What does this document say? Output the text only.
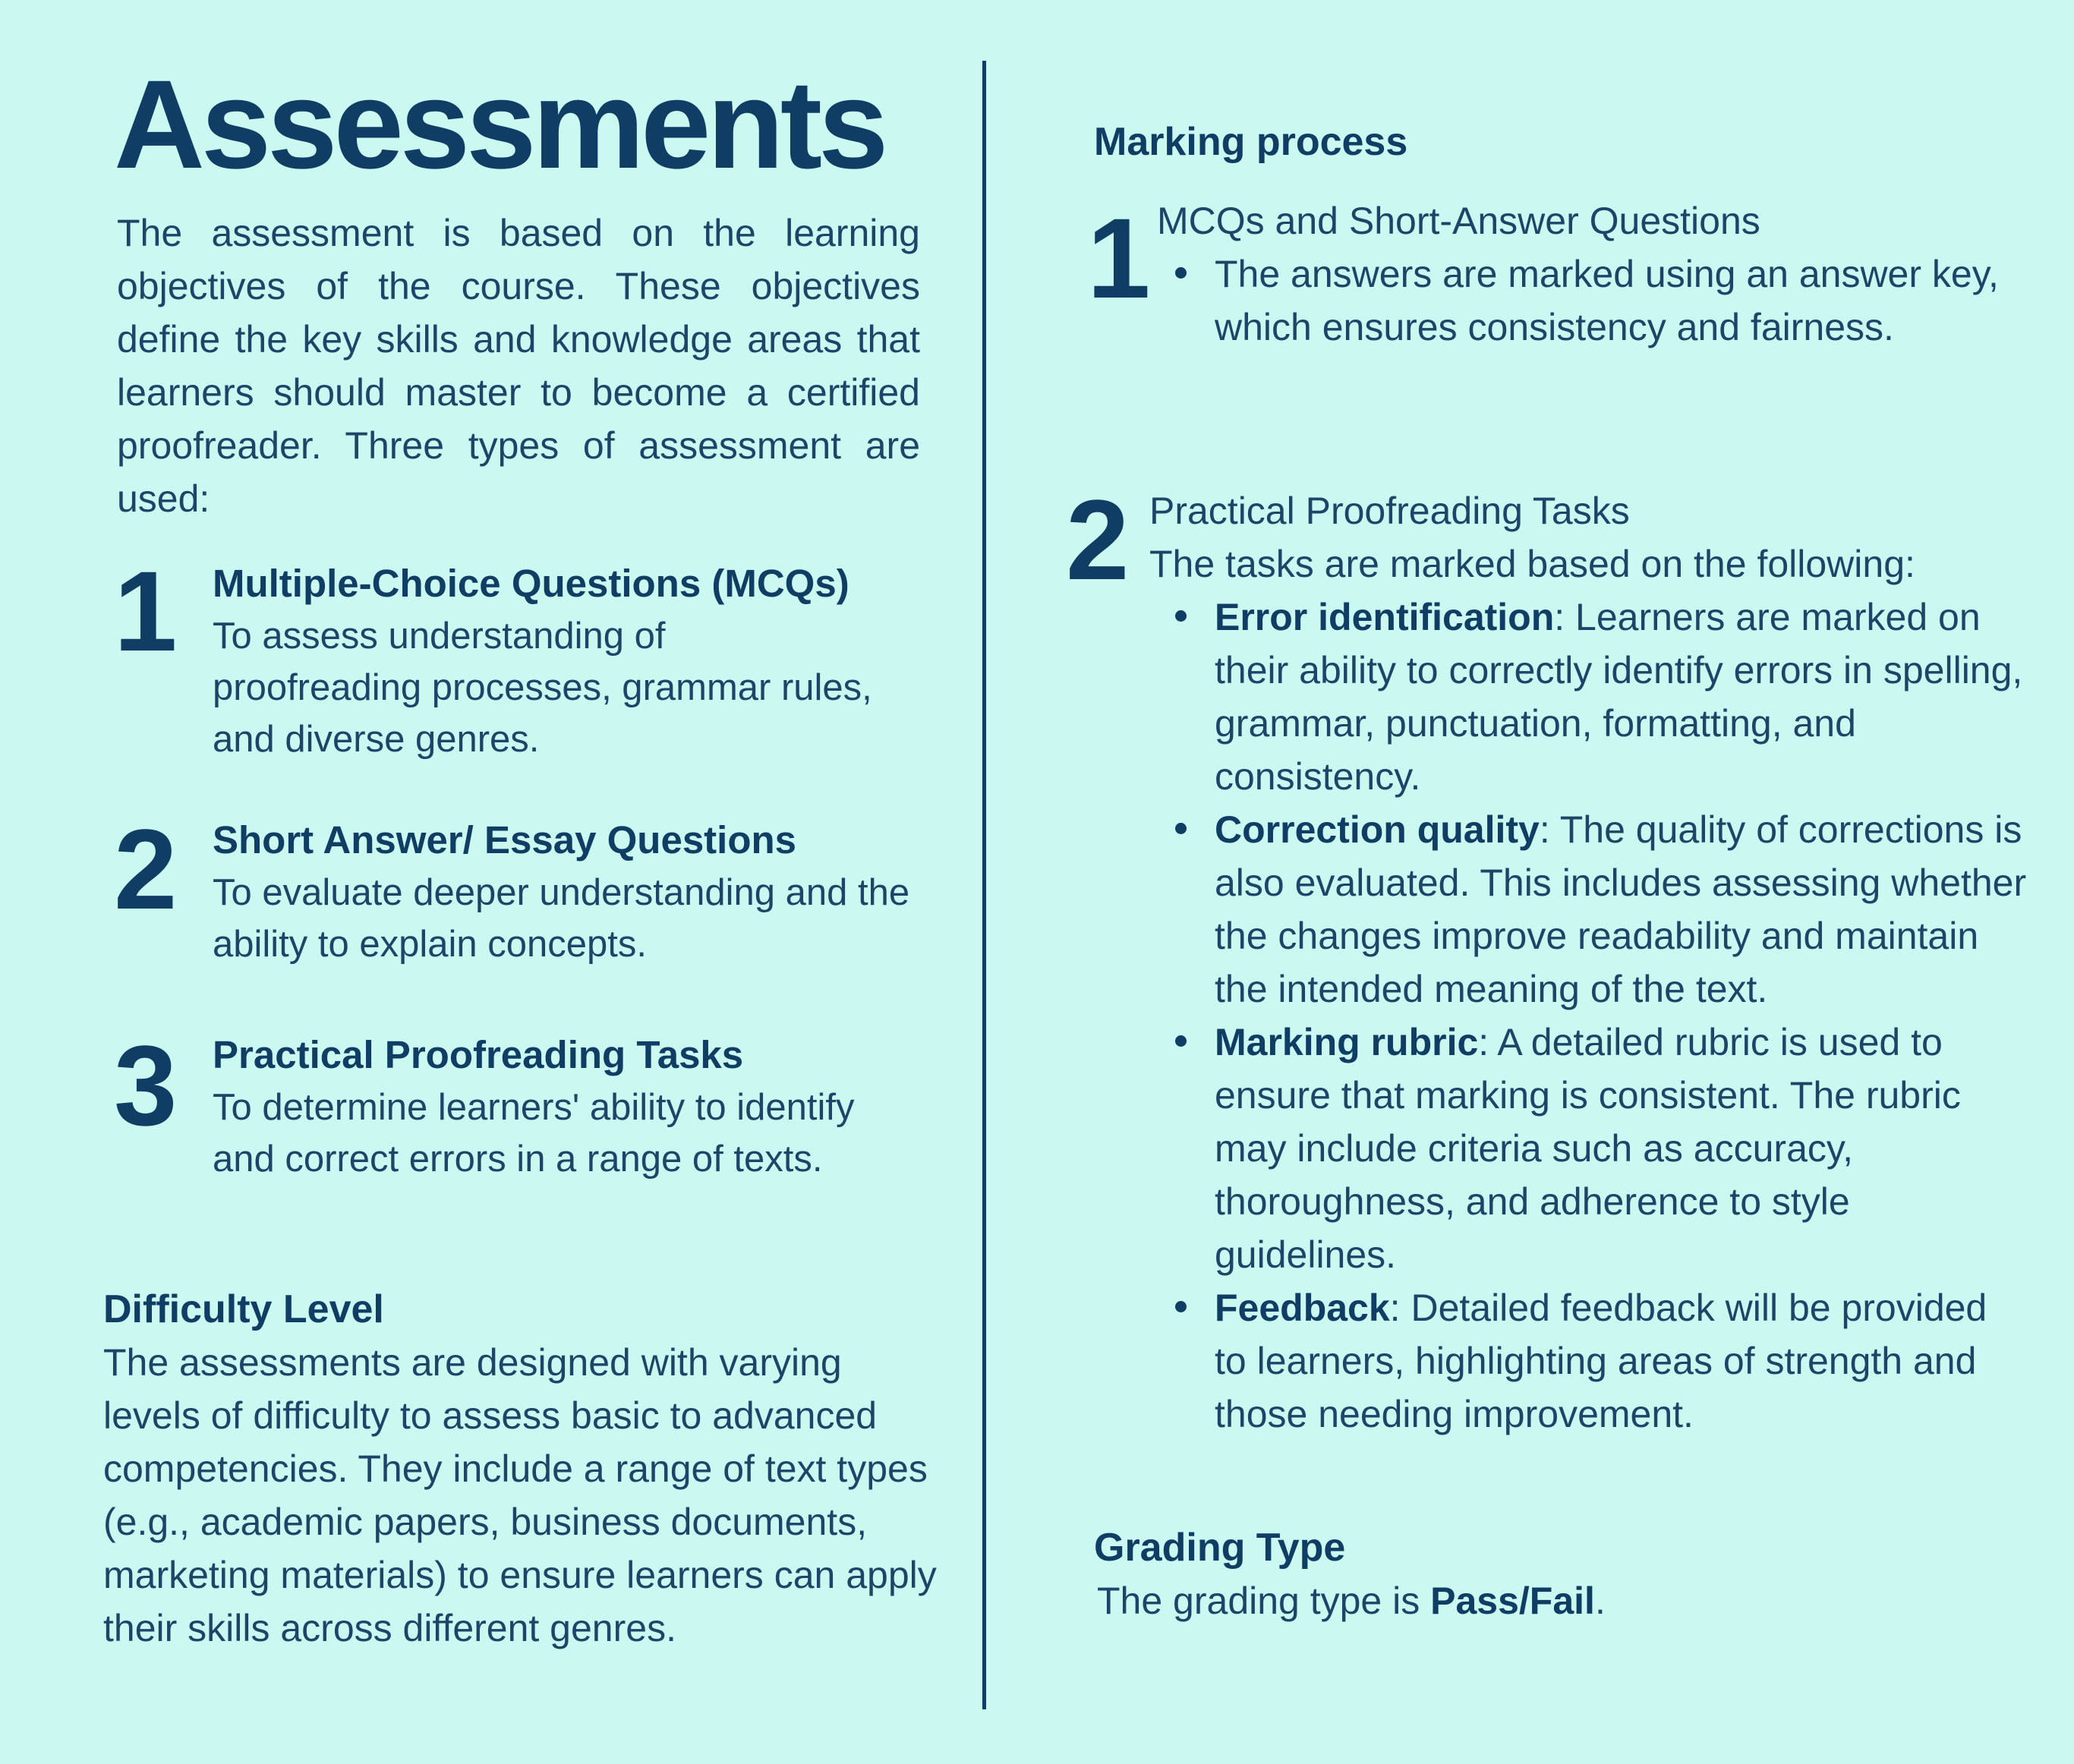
Assessments

The assessment is based on the learning objectives of the course. These objectives define the key skills and knowledge areas that learners should master to become a certified proofreader. Three types of assessment are used:

1 Multiple-Choice Questions (MCQs)

To assess understanding of proofreading processes, grammar rules, and diverse genres.

2 Short Answer/ Essay Questions

To evaluate deeper understanding and the ability to explain concepts.

3 Practical Proofreading Tasks

To determine learners' ability to identify and correct errors in a range of texts.

Difficulty Level

The assessments are designed with varying levels of difficulty to assess basic to advanced competencies. They include a range of text types (e.g., academic papers, business documents, marketing materials) to ensure learners can apply their skills across different genres.

Marking process

1 MCQs and Short-Answer Questions

The answers are marked using an answer key, which ensures consistency and fairness.
2 Practical Proofreading Tasks

The tasks are marked based on the following:

Error identification: Learners are marked on their ability to correctly identify errors in spelling, grammar, punctuation, formatting, and consistency.
Correction quality: The quality of corrections is also evaluated. This includes assessing whether the changes improve readability and maintain the intended meaning of the text.
Marking rubric: A detailed rubric is used to ensure that marking is consistent. The rubric may include criteria such as accuracy, thoroughness, and adherence to style guidelines.
Feedback: Detailed feedback will be provided to learners, highlighting areas of strength and those needing improvement.

Grading Type

The grading type is Pass/Fail.
